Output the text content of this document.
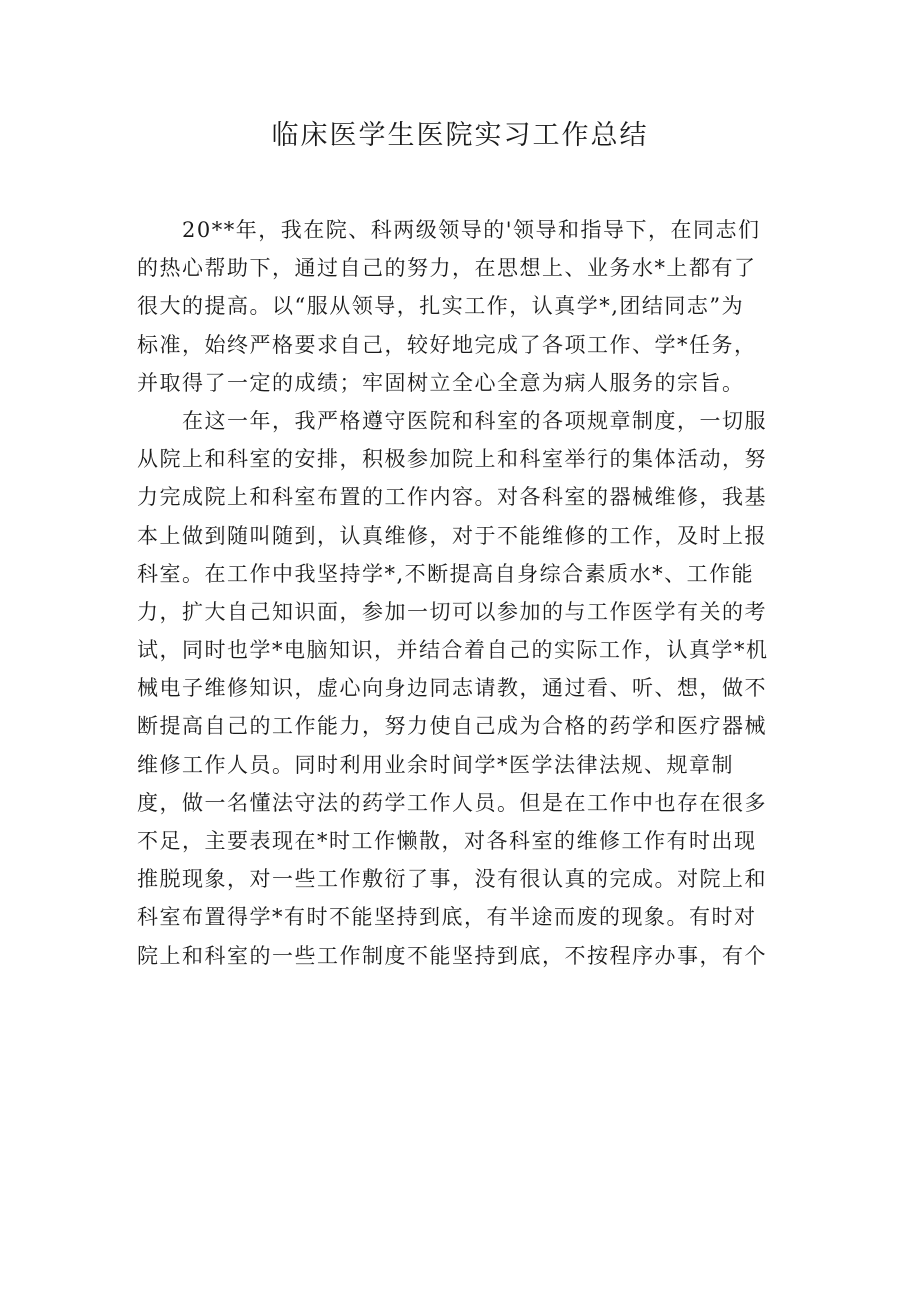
临床医学生医院实习工作总结
20**年，我在院、科两级领导的'领导和指导下，在同志们
的热心帮助下，通过自己的努力，在思想上、业务水*上都有了
很大的提高。以“服从领导，扎实工作，认真学*,团结同志”为
标准，始终严格要求自己，较好地完成了各项工作、学*任务，
并取得了一定的成绩；牢固树立全心全意为病人服务的宗旨。
在这一年，我严格遵守医院和科室的各项规章制度，一切服
从院上和科室的安排，积极参加院上和科室举行的集体活动，努
力完成院上和科室布置的工作内容。对各科室的器械维修，我基
本上做到随叫随到，认真维修，对于不能维修的工作，及时上报
科室。在工作中我坚持学*,不断提高自身综合素质水*、工作能
力，扩大自己知识面，参加一切可以参加的与工作医学有关的考
试，同时也学*电脑知识，并结合着自己的实际工作，认真学*机
械电子维修知识，虚心向身边同志请教，通过看、听、想，做不
断提高自己的工作能力，努力使自己成为合格的药学和医疗器械
维修工作人员。同时利用业余时间学*医学法律法规、规章制
度，做一名懂法守法的药学工作人员。但是在工作中也存在很多
不足，主要表现在*时工作懒散，对各科室的维修工作有时出现
推脱现象，对一些工作敷衍了事，没有很认真的完成。对院上和
科室布置得学*有时不能坚持到底，有半途而废的现象。有时对
院上和科室的一些工作制度不能坚持到底，不按程序办事，有个
